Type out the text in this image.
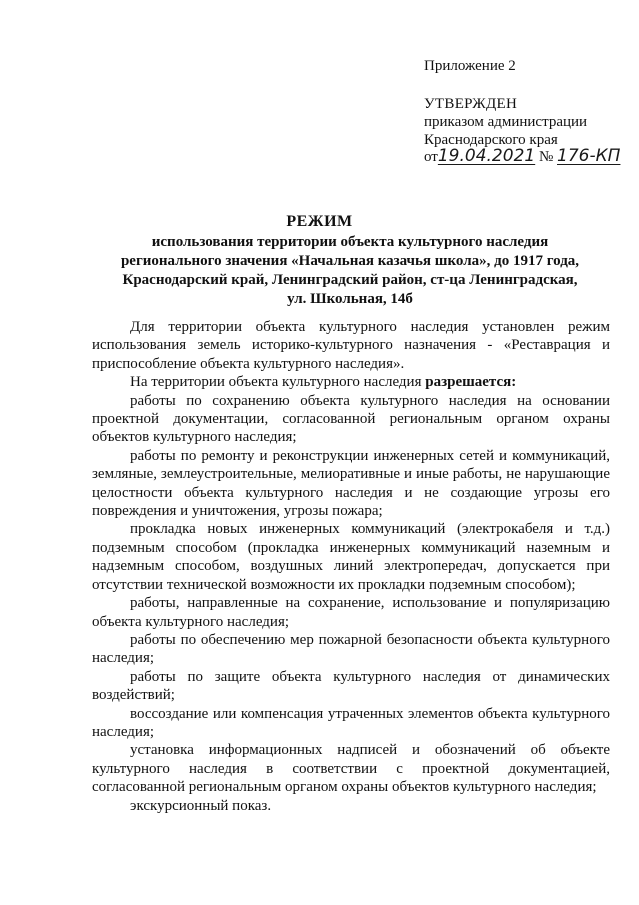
Приложение 2
УТВЕРЖДЕН
приказом администрации
Краснодарского края
от19.04.2021 № 176-КП
РЕЖИМ
использования территории объекта культурного наследия
регионального значения «Начальная казачья школа», до 1917 года,
Краснодарский край, Ленинградский район, ст-ца Ленинградская,
ул. Школьная, 14б

Для территории объекта культурного наследия установлен режим использования земель историко-культурного назначения - «Реставрация и приспособление объекта культурного наследия».

На территории объекта культурного наследия разрешается:

работы по сохранению объекта культурного наследия на основании проектной документации, согласованной региональным органом охраны объектов культурного наследия;

работы по ремонту и реконструкции инженерных сетей и коммуникаций, земляные, землеустроительные, мелиоративные и иные работы, не нарушающие целостности объекта культурного наследия и не создающие угрозы его повреждения и уничтожения, угрозы пожара;

прокладка новых инженерных коммуникаций (электрокабеля и т.д.) подземным способом (прокладка инженерных коммуникаций наземным и надземным способом, воздушных линий электропередач, допускается при отсутствии технической возможности их прокладки подземным способом);

работы, направленные на сохранение, использование и популяризацию объекта культурного наследия;

работы по обеспечению мер пожарной безопасности объекта культурного наследия;

работы по защите объекта культурного наследия от динамических воздействий;

воссоздание или компенсация утраченных элементов объекта культурного наследия;

установка информационных надписей и обозначений об объекте культурного наследия в соответствии с проектной документацией, согласованной региональным органом охраны объектов культурного наследия;

экскурсионный показ.
